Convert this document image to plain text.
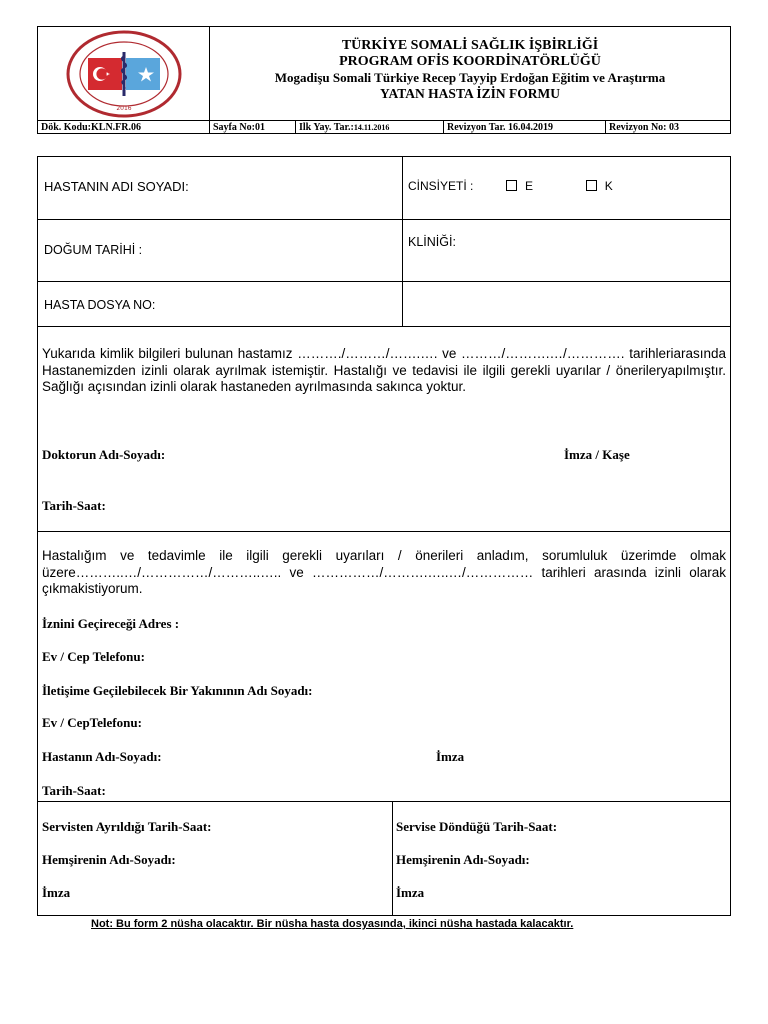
2016
TÜRKİYE SOMALİ SAĞLIK İŞBİRLİĞİ
PROGRAM OFİS KOORDİNATÖRLÜĞÜ
Mogadişu Somali Türkiye Recep Tayyip Erdoğan Eğitim ve Araştırma
YATAN HASTA İZİN FORMU
Dök. Kodu:KLN.FR.06	Sayfa No:01	Ilk Yay. Tar.:14.11.2016	Revizyon Tar. 16.04.2019	Revizyon No: 03
HASTANIN ADI SOYADI:	CİNSİYETİ :	E	K
DOĞUM TARİHİ :
KLİNİĞİ:
HASTA DOSYA NO:
Yukarıda kimlik bilgileri bulunan hastamız ………./………/…….…. ve ………/……….…/…………. tarihleriarasında Hastanemizden izinli olarak ayrılmak istemiştir. Hastalığı ve tedavisi ile ilgili gerekli uyarılar / önerileryapılmıştır. Sağlığı açısından izinli olarak hastaneden ayrılmasında sakınca yoktur.
Doktorun Adı-Soyadı:	İmza / Kaşe
Tarih-Saat:
Hastalığım ve tedavimle ile ilgili gerekli uyarıları / önerileri anladım, sorumluluk üzerimde olmak üzere………..…/……………/………..….. ve ……………/……….…..…/…………… tarihleri arasında izinli olarak çıkmakistiyorum.
İznini Geçireceği Adres :
Ev / Cep Telefonu:
İletişime Geçilebilecek Bir Yakınının Adı Soyadı:
Ev / CepTelefonu:
Hastanın Adı-Soyadı:	İmza
Tarih-Saat:
Servisten Ayrıldığı Tarih-Saat:
Hemşirenin Adı-Soyadı:
İmza
Servise Döndüğü Tarih-Saat:
Hemşirenin Adı-Soyadı:
İmza
Not: Bu form 2 nüsha olacaktır. Bir nüsha hasta dosyasında, ikinci nüsha hastada kalacaktır.
